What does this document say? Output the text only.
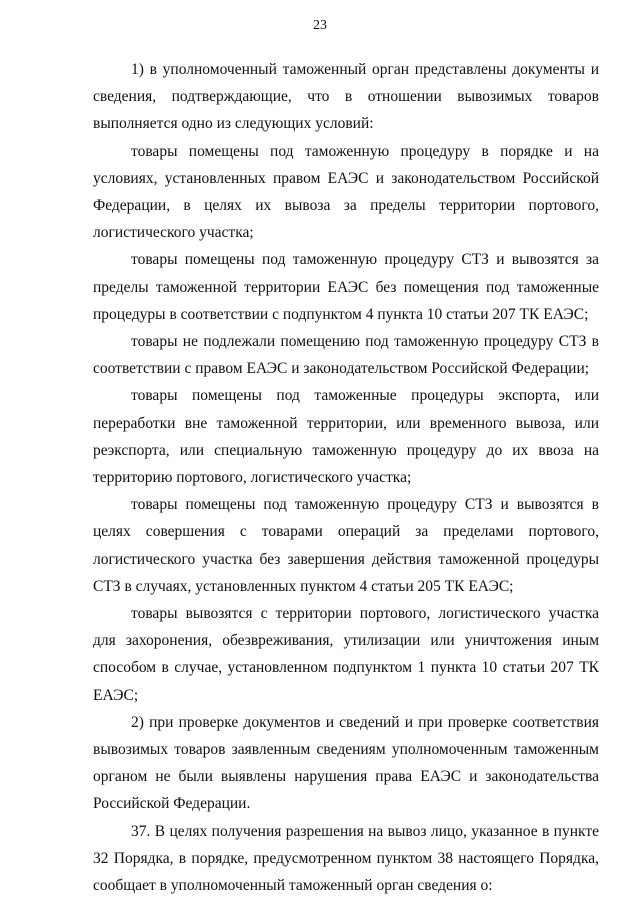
23

1) в уполномоченный таможенный орган представлены документы и сведения, подтверждающие, что в отношении вывозимых товаров выполняется одно из следующих условий:

товары помещены под таможенную процедуру в порядке и на условиях, установленных правом ЕАЭС и законодательством Российской Федерации, в целях их вывоза за пределы территории портового, логистического участка;

товары помещены под таможенную процедуру СТЗ и вывозятся за пределы таможенной территории ЕАЭС без помещения под таможенные процедуры в соответствии с подпунктом 4 пункта 10 статьи 207 ТК ЕАЭС;

товары не подлежали помещению под таможенную процедуру СТЗ в соответствии с правом ЕАЭС и законодательством Российской Федерации;

товары помещены под таможенные процедуры экспорта, или переработки вне таможенной территории, или временного вывоза, или реэкспорта, или специальную таможенную процедуру до их ввоза на территорию портового, логистического участка;

товары помещены под таможенную процедуру СТЗ и вывозятся в целях совершения с товарами операций за пределами портового, логистического участка без завершения действия таможенной процедуры СТЗ в случаях, установленных пунктом 4 статьи 205 ТК ЕАЭС;

товары вывозятся с территории портового, логистического участка для захоронения, обезвреживания, утилизации или уничтожения иным способом в случае, установленном подпунктом 1 пункта 10 статьи 207 ТК ЕАЭС;

2) при проверке документов и сведений и при проверке соответствия вывозимых товаров заявленным сведениям уполномоченным таможенным органом не были выявлены нарушения права ЕАЭС и законодательства Российской Федерации.

37. В целях получения разрешения на вывоз лицо, указанное в пункте 32 Порядка, в порядке, предусмотренном пунктом 38 настоящего Порядка, сообщает в уполномоченный таможенный орган сведения о:
